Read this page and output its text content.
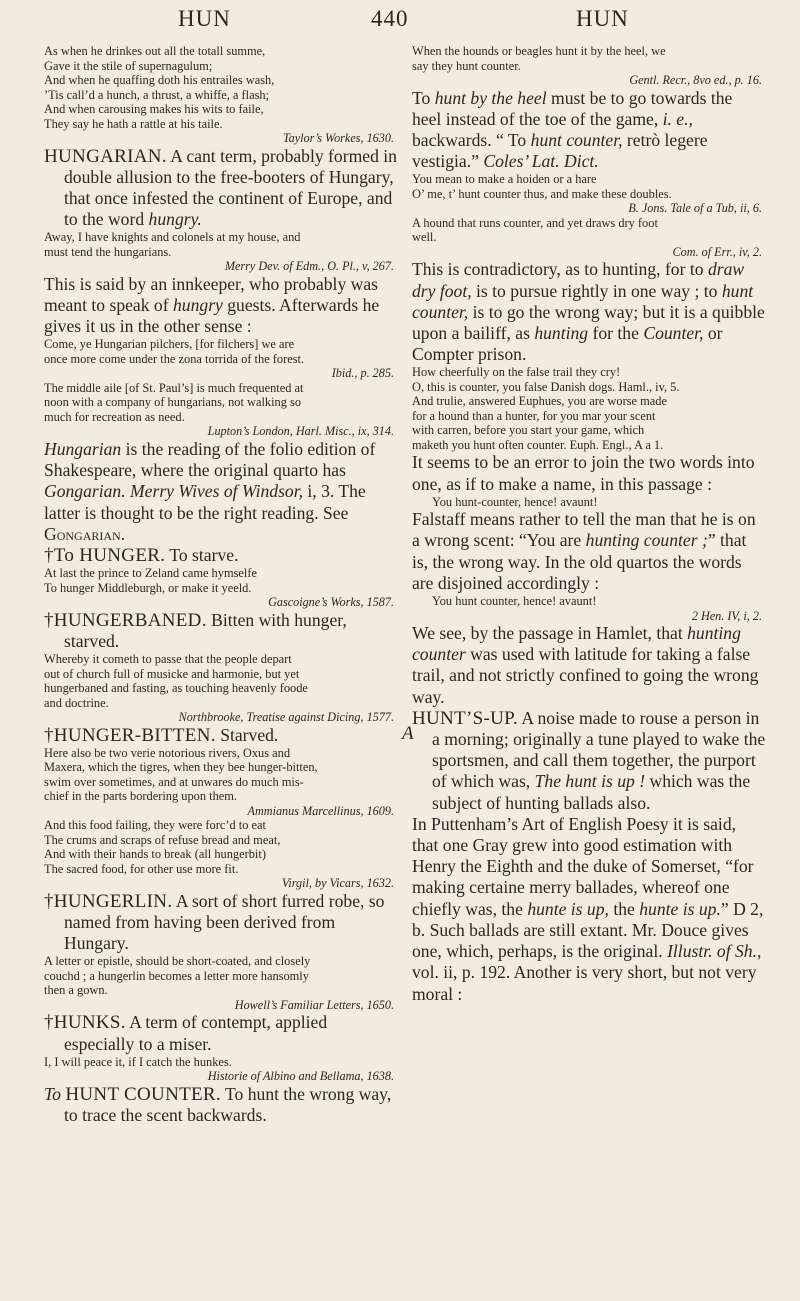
HUN	440	HUN

As when he drinkes out all the totall summe,
Gave it the stile of supernagulum;
And when he quaffing doth his entrailes wash,
’Tis call’d a hunch, a thrust, a whiffe, a flash;
And when carousing makes his wits to faile,
They say he hath a rattle at his taile.

Taylor’s Workes, 1630.

HUNGARIAN. A cant term, probably formed in double allusion to the free-booters of Hungary, that once infested the continent of Europe, and to the word hungry.

Away, I have knights and colonels at my house, and
must tend the hungarians.

Merry Dev. of Edm., O. Pl., v, 267.

This is said by an innkeeper, who probably was meant to speak of hungry guests. Afterwards he gives it us in the other sense :

Come, ye Hungarian pilchers, [for filchers] we are
once more come under the zona torrida of the forest.

Ibid., p. 285.

The middle aile [of St. Paul’s] is much frequented at
noon with a company of hungarians, not walking so
much for recreation as need.

Lupton’s London, Harl. Misc., ix, 314.

Hungarian is the reading of the folio edition of Shakespeare, where the original quarto has Gongarian. Merry Wives of Windsor, i, 3. The latter is thought to be the right reading. See Gongarian.

†To HUNGER. To starve.

At last the prince to Zeland came hymselfe
To hunger Middleburgh, or make it yeeld.

Gascoigne’s Works, 1587.

†HUNGERBANED. Bitten with hunger, starved.

Whereby it cometh to passe that the people depart
out of church full of musicke and harmonie, but yet
hungerbaned and fasting, as touching heavenly foode
and doctrine.

Northbrooke, Treatise against Dicing, 1577.

†HUNGER-BITTEN. Starved.

Here also be two verie notorious rivers, Oxus and
Maxera, which the tigres, when they bee hunger-bitten,
swim over sometimes, and at unwares do much mis-
chief in the parts bordering upon them.

Ammianus Marcellinus, 1609.

And this food failing, they were forc’d to eat
The crums and scraps of refuse bread and meat,
And with their hands to break (all hungerbit)
The sacred food, for other use more fit.

Virgil, by Vicars, 1632.

†HUNGERLIN. A sort of short furred robe, so named from having been derived from Hungary.

A letter or epistle, should be short-coated, and closely
couchd ; a hungerlin becomes a letter more hansomly
then a gown.

Howell’s Familiar Letters, 1650.

†HUNKS. A term of contempt, applied especially to a miser.

I, I will peace it, if I catch the hunkes.

Historie of Albino and Bellama, 1638.

To HUNT COUNTER. To hunt the wrong way, to trace the scent backwards.

A

When the hounds or beagles hunt it by the heel, we
say they hunt counter.

Gentl. Recr., 8vo ed., p. 16.

To hunt by the heel must be to go towards the heel instead of the toe of the game, i. e., backwards. “ To hunt counter, retrò legere vestigia.” Coles’ Lat. Dict.

You mean to make a hoiden or a hare
O’ me, t’ hunt counter thus, and make these doubles.

B. Jons. Tale of a Tub, ii, 6.

A hound that runs counter, and yet draws dry foot
well.

Com. of Err., iv, 2.

This is contradictory, as to hunting, for to draw dry foot, is to pursue rightly in one way ; to hunt counter, is to go the wrong way; but it is a quibble upon a bailiff, as hunting for the Counter, or Compter prison.

How cheerfully on the false trail they cry!
O, this is counter, you false Danish dogs. Haml., iv, 5.
And trulie, answered Euphues, you are worse made
for a hound than a hunter, for you mar your scent
with carren, before you start your game, which
maketh you hunt often counter. Euph. Engl., A a 1.

It seems to be an error to join the two words into one, as if to make a name, in this passage :

You hunt-counter, hence! avaunt!

Falstaff means rather to tell the man that he is on a wrong scent: “You are hunting counter ;” that is, the wrong way. In the old quartos the words are disjoined accordingly :

You hunt counter, hence! avaunt!

2 Hen. IV, i, 2.

We see, by the passage in Hamlet, that hunting counter was used with latitude for taking a false trail, and not strictly confined to going the wrong way.

HUNT’S-UP. A noise made to rouse a person in a morning; originally a tune played to wake the sportsmen, and call them together, the purport of which was, The hunt is up ! which was the subject of hunting ballads also.

In Puttenham’s Art of English Poesy it is said, that one Gray grew into good estimation with Henry the Eighth and the duke of Somerset, “for making certaine merry ballades, whereof one chiefly was, the hunte is up, the hunte is up.” D 2, b. Such ballads are still extant. Mr. Douce gives one, which, perhaps, is the original. Illustr. of Sh., vol. ii, p. 192. Another is very short, but not very moral :
